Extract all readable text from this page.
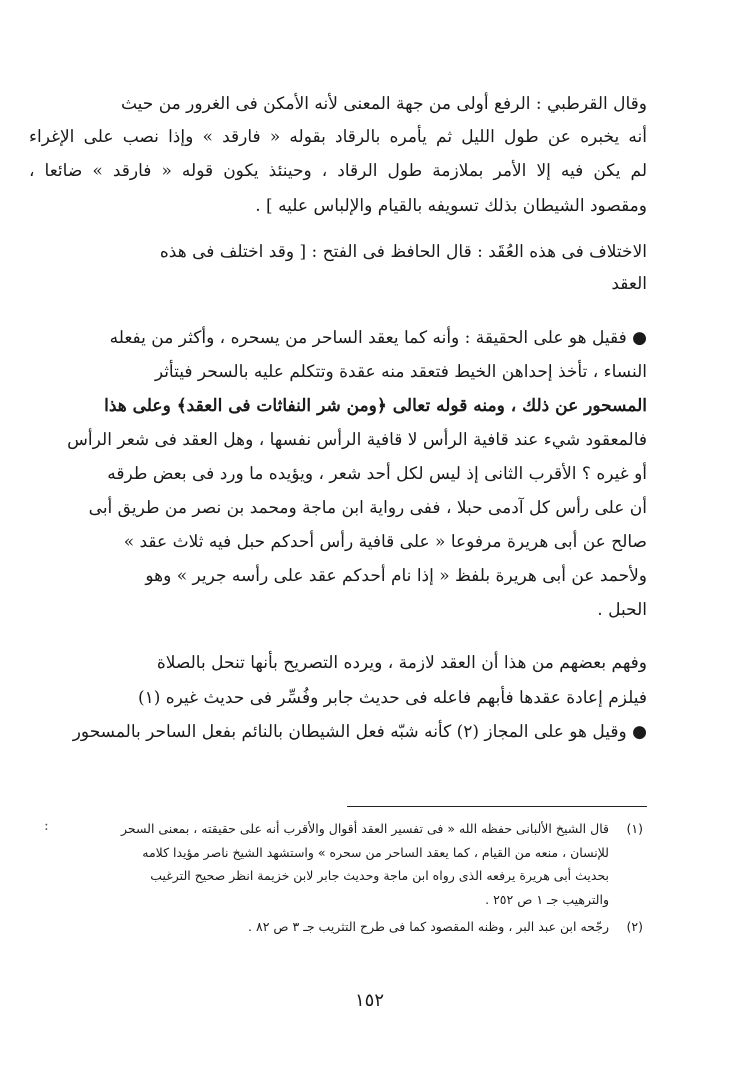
وقال القرطبي : الرفع أولى من جهة المعنى لأنه الأمكن فى الغرور من حيث
أنه يخبره عن طول الليل ثم يأمره بالرقاد بقوله « فارقد » وإذا نصب على الإغراء
لم يكن فيه إلا الأمر بملازمة طول الرقاد ، وحينئذ يكون قوله « فارقد » ضائعا ،
ومقصود الشيطان بذلك تسويفه بالقيام والإلباس عليه ] .
الاختلاف فى هذه العُقَد : قال الحافظ فى الفتح : [ وقد اختلف فى هذه
العقد
● فقيل هو على الحقيقة : وأنه كما يعقد الساحر من يسحره ، وأكثر من يفعله
النساء ، تأخذ إحداهن الخيط فتعقد منه عقدة وتتكلم عليه بالسحر فيتأثر
المسحور عن ذلك ، ومنه قوله تعالى ﴿ومن شر النفاثات فى العقد﴾ وعلى هذا
فالمعقود شيء عند قافية الرأس لا قافية الرأس نفسها ، وهل العقد فى شعر الرأس
أو غيره ؟ الأقرب الثانى إذ ليس لكل أحد شعر ، ويؤيده ما ورد فى بعض طرقه
أن على رأس كل آدمى حبلا ، ففى رواية ابن ماجة ومحمد بن نصر من طريق أبى
صالح عن أبى هريرة مرفوعا « على قافية رأس أحدكم حبل فيه ثلاث عقد »
ولأحمد عن أبى هريرة بلفظ « إذا نام أحدكم عقد على رأسه جرير » وهو
الحبل .
وفهم بعضهم من هذا أن العقد لازمة ، ويرده التصريح بأنها تنحل بالصلاة
فيلزم إعادة عقدها فأبهم فاعله فى حديث جابر وفُسِّر فى حديث غيره (١)
● وقيل هو على المجاز (٢) كأنه شبّه فعل الشيطان بالنائم بفعل الساحر بالمسحور
:	(١)
قال الشيخ الألبانى حفظه الله « فى تفسير العقد أقوال والأقرب أنه على حقيقته ، بمعنى السحر
للإنسان ، منعه من القيام ، كما يعقد الساحر من سحره » واستشهد الشيخ ناصر مؤيدا كلامه
بحديث أبى هريرة يرفعه الذى رواه ابن ماجة وحديث جابر لابن خزيمة انظر صحيح الترغيب
والترهيب جـ ١ ص ٢٥٢ .
(٢)
رجّحه ابن عبد البر ، وظنه المقصود كما فى طرح التثريب جـ ٣ ص ٨٢ .
١٥٢
